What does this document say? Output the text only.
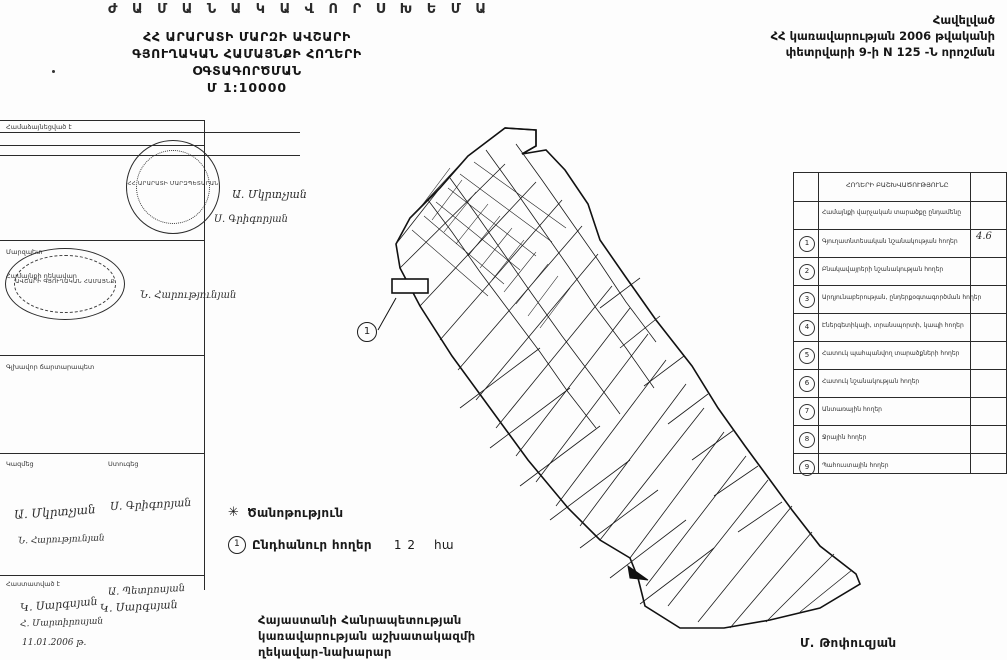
Ժ Ա Մ Ա Ն Ա Կ Ա Վ Ո Ր Ս Խ Ե Մ Ա
ՀՀ ԱՐԱՐԱՏԻ ՄԱՐԶԻ ԱՎՇԱՐԻ
ԳՅՈՒՂԱԿԱՆ ՀԱՄԱՅՆՔԻ ՀՈՂԵՐԻ
ՕԳՏԱԳՈՐԾՄԱՆ
Մ 1:10000
Հավելված
ՀՀ կառավարության 2006 թվականի
փետրվարի 9-ի N 125 -Ն որոշման
Համաձայնեցված է
Մարզպետ
Համայնքի ղեկավար
Գլխավոր ճարտարապետ
Կազմեց	Ստուգեց
Հաստատված է
Ա. Մկրտչյան Ս. Գրիգորյան
Ն. Հարությունյան
Կ. Սարգսյան
Հ. Մարտիրոսյան
Ա. Պետրոսյան
11.01.2006 թ.
ՀՀ ԱՐԱՐԱՏԻ ՄԱՐԶՊԵՏԱՐԱՆ
ԱՎՇԱՐԻ ԳՅՈՒՂԱԿԱՆ ՀԱՄԱՅՆՔ
Ա. Մկրտչյան
Ս. Գրիգորյան
Ն. Հարությունյան
Կ. Սարգսյան
ՀՈՂԵՐԻ ԲԱՇԽՎԱԾՈՒԹՅՈՒՆԸ
Համայնքի վարչական տարածքը ընդամենը
1	Գյուղատնտեսական նշանակության հողեր 4.6
2	Բնակավայրերի նշանակության հողեր
3	Արդյունաբերության, ընդերքօգտագործման հողեր
4	Էներգետիկայի, տրանսպորտի, կապի հողեր
5	Հատուկ պահպանվող տարածքների հողեր
6	Հատուկ նշանակության հողեր
7	Անտառային հողեր
8	Ջրային հողեր
9	Պահուստային հողեր
1
✳ Ծանոթություն
1 Ընդհանուր հողեր 1 2 հա
Հայաստանի Հանրապետության
կառավարության աշխատակազմի
ղեկավար-նախարար
Մ. Թոփուզյան
